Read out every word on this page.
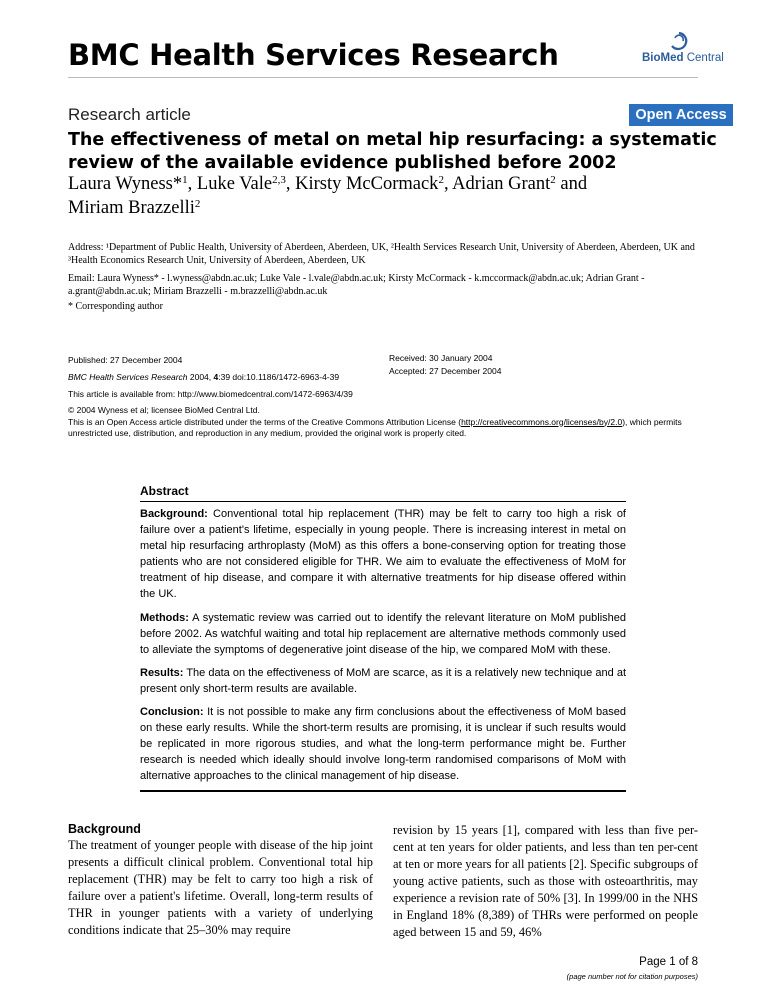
BMC Health Services Research	BioMed Central
Research article	Open Access
The effectiveness of metal on metal hip resurfacing: a systematic review of the available evidence published before 2002
Laura Wyness*$^1$, Luke Vale$^{2,3}$, Kirsty McCormack$^2$, Adrian Grant$^2$ and
Miriam Brazzelli$^2$
Address: ¹Department of Public Health, University of Aberdeen, Aberdeen, UK, ²Health Services Research Unit, University of Aberdeen, Aberdeen, UK and ³Health Economics Research Unit, University of Aberdeen, Aberdeen, UK
Email: Laura Wyness* - l.wyness@abdn.ac.uk; Luke Vale - l.vale@abdn.ac.uk; Kirsty McCormack - k.mccormack@abdn.ac.uk; Adrian Grant - a.grant@abdn.ac.uk; Miriam Brazzelli - m.brazzelli@abdn.ac.uk
* Corresponding author
Published: 27 December 2004
BMC Health Services Research 2004, 4:39 doi:10.1186/1472-6963-4-39
This article is available from: http://www.biomedcentral.com/1472-6963/4/39
Received: 30 January 2004
Accepted: 27 December 2004
© 2004 Wyness et al; licensee BioMed Central Ltd.
This is an Open Access article distributed under the terms of the Creative Commons Attribution License (http://creativecommons.org/licenses/by/2.0), which permits unrestricted use, distribution, and reproduction in any medium, provided the original work is properly cited.
Abstract

Background: Conventional total hip replacement (THR) may be felt to carry too high a risk of failure over a patient's lifetime, especially in young people. There is increasing interest in metal on metal hip resurfacing arthroplasty (MoM) as this offers a bone-conserving option for treating those patients who are not considered eligible for THR. We aim to evaluate the effectiveness of MoM for treatment of hip disease, and compare it with alternative treatments for hip disease offered within the UK.

Methods: A systematic review was carried out to identify the relevant literature on MoM published before 2002. As watchful waiting and total hip replacement are alternative methods commonly used to alleviate the symptoms of degenerative joint disease of the hip, we compared MoM with these.

Results: The data on the effectiveness of MoM are scarce, as it is a relatively new technique and at present only short-term results are available.

Conclusion: It is not possible to make any firm conclusions about the effectiveness of MoM based on these early results. While the short-term results are promising, it is unclear if such results would be replicated in more rigorous studies, and what the long-term performance might be. Further research is needed which ideally should involve long-term randomised comparisons of MoM with alternative approaches to the clinical management of hip disease.

Background
The treatment of younger people with disease of the hip joint presents a difficult clinical problem. Conventional total hip replacement (THR) may be felt to carry too high a risk of failure over a patient's lifetime. Overall, long-term results of THR in younger patients with a variety of underlying conditions indicate that 25–30% may require
revision by 15 years [1], compared with less than five per-cent at ten years for older patients, and less than ten per-cent at ten or more years for all patients [2]. Specific subgroups of young active patients, such as those with osteoarthritis, may experience a revision rate of 50% [3]. In 1999/00 in the NHS in England 18% (8,389) of THRs were performed on people aged between 15 and 59, 46%
Page 1 of 8
(page number not for citation purposes)
